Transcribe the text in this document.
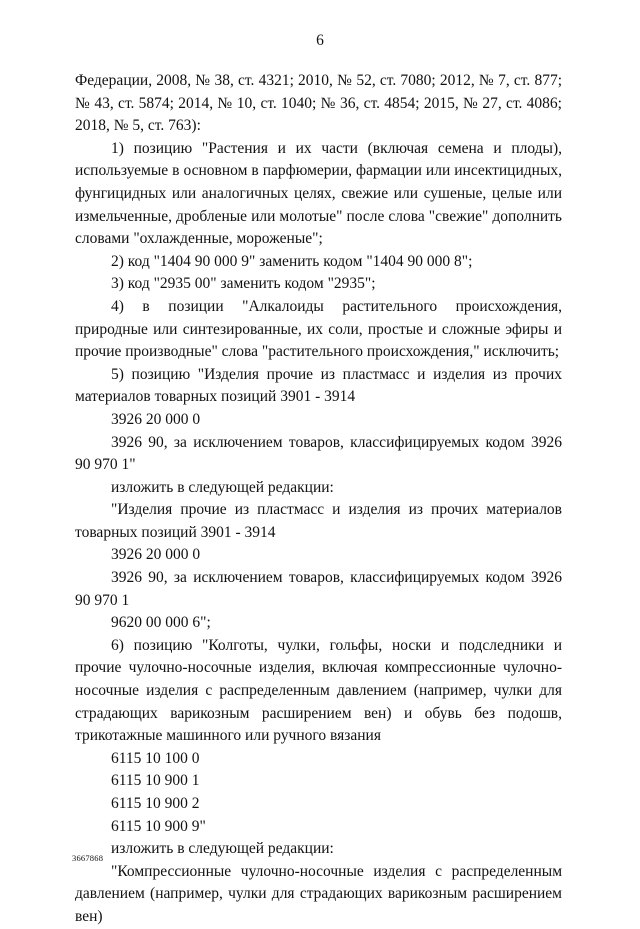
6

Федерации, 2008, № 38, ст. 4321; 2010, № 52, ст. 7080; 2012, № 7, ст. 877; № 43, ст. 5874; 2014, № 10, ст. 1040; № 36, ст. 4854; 2015, № 27, ст. 4086; 2018, № 5, ст. 763):

1) позицию "Растения и их части (включая семена и плоды), используемые в основном в парфюмерии, фармации или инсектицидных, фунгицидных или аналогичных целях, свежие или сушеные, целые или измельченные, дробленые или молотые" после слова "свежие" дополнить словами "охлажденные, мороженые";

2) код "1404 90 000 9" заменить кодом "1404 90 000 8";

3) код "2935 00" заменить кодом "2935";

4) в позиции "Алкалоиды растительного происхождения, природные или синтезированные, их соли, простые и сложные эфиры и прочие производные" слова "растительного происхождения," исключить;

5) позицию "Изделия прочие из пластмасс и изделия из прочих материалов товарных позиций 3901 - 3914

3926 20 000 0

3926 90, за исключением товаров, классифицируемых кодом 3926 90 970 1"

изложить в следующей редакции:

"Изделия прочие из пластмасс и изделия из прочих материалов товарных позиций 3901 - 3914

3926 20 000 0

3926 90, за исключением товаров, классифицируемых кодом 3926 90 970 1

9620 00 000 6";

6) позицию "Колготы, чулки, гольфы, носки и подследники и прочие чулочно-носочные изделия, включая компрессионные чулочно-носочные изделия с распределенным давлением (например, чулки для страдающих варикозным расширением вен) и обувь без подошв, трикотажные машинного или ручного вязания

6115 10 100 0

6115 10 900 1

6115 10 900 2

6115 10 900 9"

изложить в следующей редакции:

"Компрессионные чулочно-носочные изделия с распределенным давлением (например, чулки для страдающих варикозным расширением вен)

3667868
